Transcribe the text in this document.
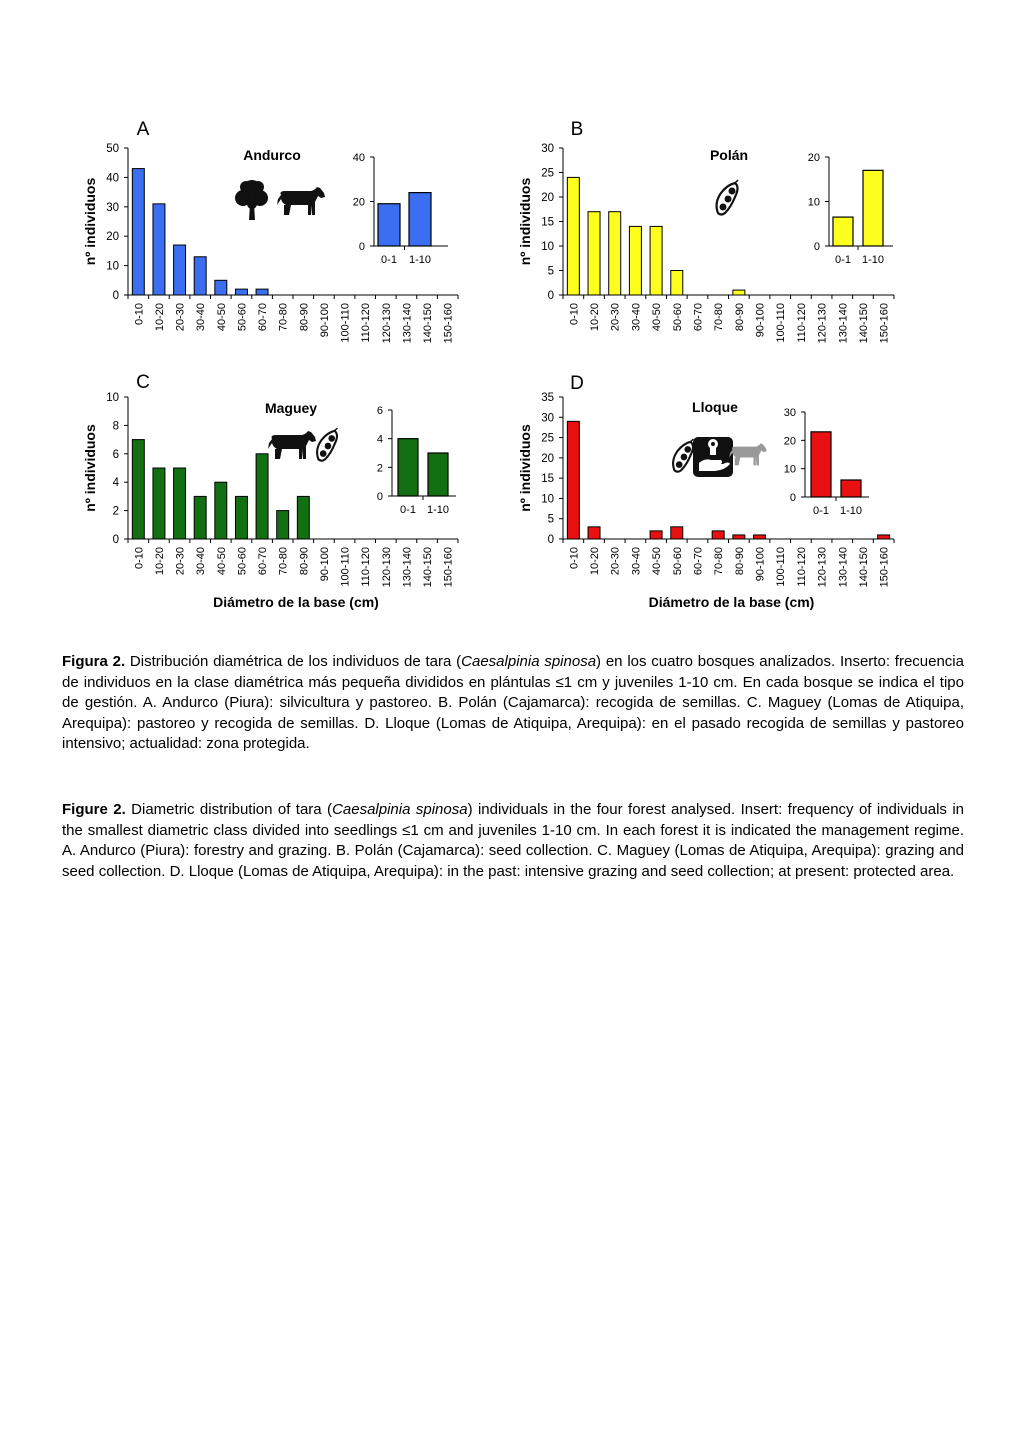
A
Andurco
nº individuos
0
10
20
30
40
50
0-10 10-20 20-30 30-40 40-50 50-60 60-70 70-80 80-90 90-100 100-110 110-120 120-130 130-140 140-150 150-160
0
20
40
0-1 1-10
B
Polán
nº individuos
0
5
10
15
20
25
30
0-10 10-20 20-30 30-40 40-50 50-60 60-70 70-80 80-90 90-100 100-110 110-120 120-130 130-140 140-150 150-160
0
10
20
0-1 1-10
C
Maguey
nº individuos
0
2
4
6
8
10
0-10 10-20 20-30 30-40 40-50 50-60 60-70 70-80 80-90 90-100 100-110 110-120 120-130 130-140 140-150 150-160
Diámetro de la base (cm)
0
2
4
6
0-1 1-10
D
Lloque
nº individuos
0
5
10
15
20
25
30
35
0-10 10-20 20-30 30-40 40-50 50-60 60-70 70-80 80-90 90-100 100-110 110-120 120-130 130-140 140-150 150-160
Diámetro de la base (cm)
0
10
20
30
0-1 1-10

Figura 2. Distribución diamétrica de los individuos de tara (Caesalpinia spinosa) en los cuatro bosques analizados. Inserto: frecuencia de individuos en la clase diamétrica más pequeña divididos en plántulas ≤1 cm y juveniles 1-10 cm. En cada bosque se indica el tipo de gestión. A. Andurco (Piura): silvicultura y pastoreo. B. Polán (Cajamarca): recogida de semillas. C. Maguey (Lomas de Atiquipa, Arequipa): pastoreo y recogida de semillas. D. Lloque (Lomas de Atiquipa, Arequipa): en el pasado recogida de semillas y pastoreo intensivo; actualidad: zona protegida.

Figure 2. Diametric distribution of tara (Caesalpinia spinosa) individuals in the four forest analysed. Insert: frequency of individuals in the smallest diametric class divided into seedlings ≤1 cm and juveniles 1-10 cm. In each forest it is indicated the management regime. A. Andurco (Piura): forestry and grazing. B. Polán (Cajamarca): seed collection. C. Maguey (Lomas de Atiquipa, Arequipa): grazing and seed collection. D. Lloque (Lomas de Atiquipa, Arequipa): in the past: intensive grazing and seed collection; at present: protected area.
